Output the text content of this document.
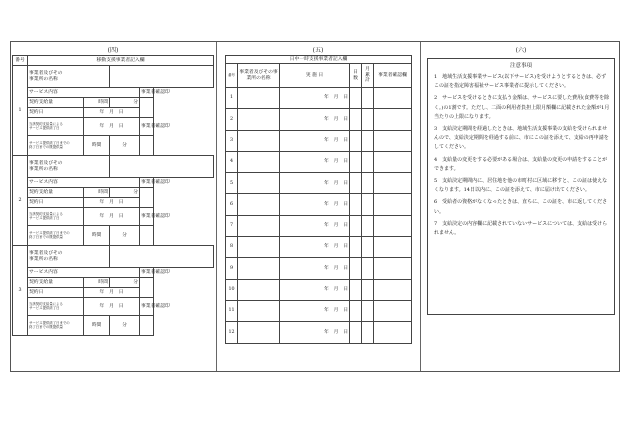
(四)
番号	移動支援事業者記入欄			
1	事業者及びその
事業所の名称			
	サービス内容			事業者確認印
	契約支給量	時間	分	
	契約日	年　 月　 日		
	当該契約支給量による
サービス提供終了日	年　 月　 日		事業者確認印
	サービス提供終了日までの
終了日までの既提供量	時間	分	
2	事業者及びその
事業所の名称			
	サービス内容			事業者確認印
	契約支給量	時間	分	
	契約日	年　 月　 日		
	当該契約支給量による
サービス提供終了日	年　 月　 日		事業者確認印
	サービス提供終了日までの
終了日までの既提供量	時間	分	
3	事業者及びその
事業所の名称			
	サービス内容			事業者確認印
	契約支給量	時間	分	
	契約日	年　 月　 日		
	当該契約支給量による
サービス提供終了日	年　 月　 日		事業者確認印
	サービス提供終了日までの
終了日までの既提供量	時間	分	
(五)
日中一時支援事業者記入欄					
番号	事業者及びその事業所の名称	実 施 日	日数	月累計	事業者確認欄
1		年　月　日			
2		年　月　日			
3		年　月　日			
4		年　月　日			
5		年　月　日			
6		年　月　日			
7		年　月　日			
8		年　月　日			
9		年　月　日			
10		年　月　日			
11		年　月　日			
12		年　月　日			
(六)
注意事項
1　地域生活支援事業サービス(以下サービス)を受けようとするときは、必ずこの証を指定障害福祉サービス事業者に提示してください。
2　サービスを受けるときに支払う金額は、サービスに要した費用(食費等を除く。)の1割です。ただし、二面の利用者負担上限月額欄に記載された金額が1月当たりの上限になります。
3　支給決定期間を経過したときは、地域生活支援事業の支給を受けられませんので、支給決定期間を経過する前に、市にこの証を添えて、支給の再申請をしてください。
4　支給量の変更をする必要がある場合は、支給量の変更の申請をすることができます。
5　支給決定期間内に、居住地を他の市町村に区域に移すと、この証は使えなくなります。14日以内に、この証を添えて、市に届け出てください。
6　受給者の資格がなくなったときは、直ちに、この証を、市に返してください。
7　支給決定の内容欄に記載されていないサービスについては、支給は受けられません。
